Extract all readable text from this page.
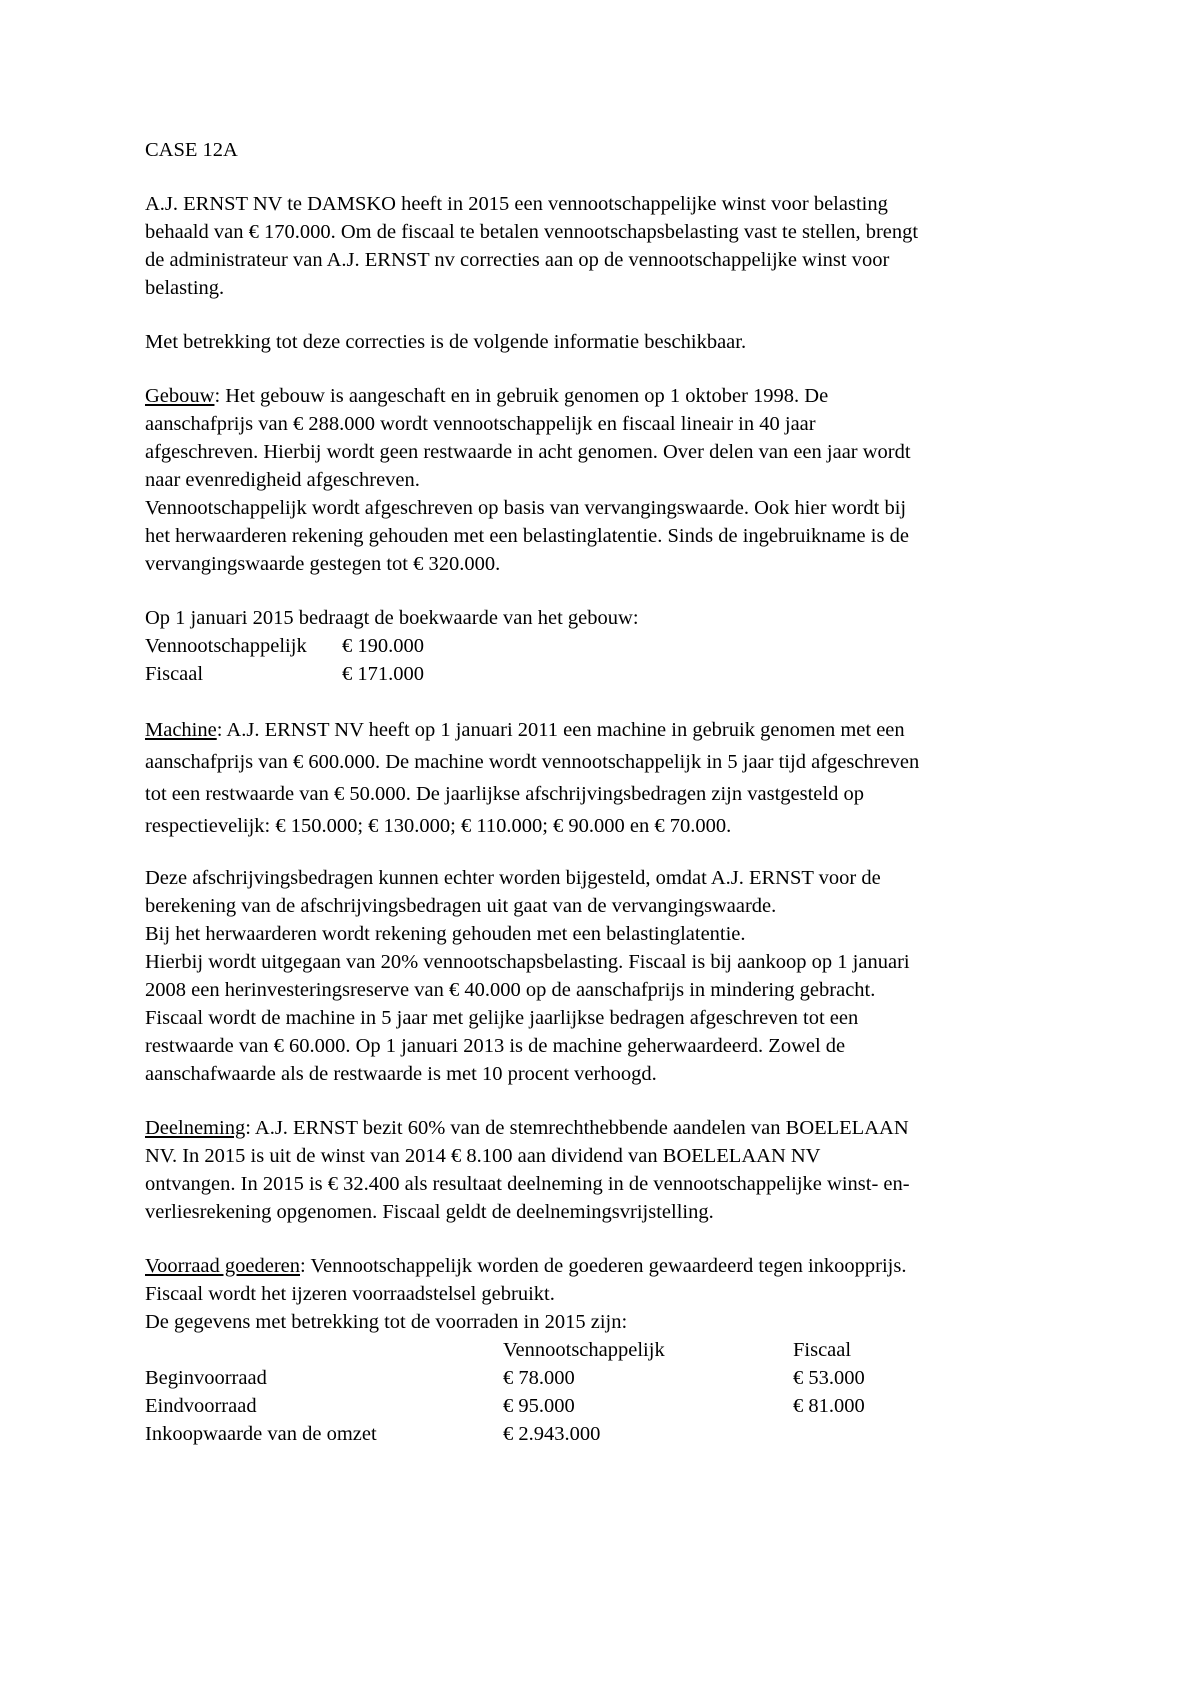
CASE 12A

A.J. ERNST NV te DAMSKO heeft in 2015 een vennootschappelijke winst voor belasting
behaald van € 170.000. Om de fiscaal te betalen vennootschapsbelasting vast te stellen, brengt
de administrateur van A.J. ERNST nv correcties aan op de vennootschappelijke winst voor
belasting.

Met betrekking tot deze correcties is de volgende informatie beschikbaar.

Gebouw: Het gebouw is aangeschaft en in gebruik genomen op 1 oktober 1998. De
aanschafprijs van € 288.000 wordt vennootschappelijk en fiscaal lineair in 40 jaar
afgeschreven. Hierbij wordt geen restwaarde in acht genomen. Over delen van een jaar wordt
naar evenredigheid afgeschreven.
Vennootschappelijk wordt afgeschreven op basis van vervangingswaarde. Ook hier wordt bij
het herwaarderen rekening gehouden met een belastinglatentie. Sinds de ingebruikname is de
vervangingswaarde gestegen tot € 320.000.

Op 1 januari 2015 bedraagt de boekwaarde van het gebouw:
Vennootschappelijk	€ 190.000
Fiscaal	€ 171.000

Machine: A.J. ERNST NV heeft op 1 januari 2011 een machine in gebruik genomen met een
aanschafprijs van € 600.000. De machine wordt vennootschappelijk in 5 jaar tijd afgeschreven
tot een restwaarde van € 50.000. De jaarlijkse afschrijvingsbedragen zijn vastgesteld op
respectievelijk: € 150.000; € 130.000; € 110.000; € 90.000 en € 70.000.

Deze afschrijvingsbedragen kunnen echter worden bijgesteld, omdat A.J. ERNST voor de
berekening van de afschrijvingsbedragen uit gaat van de vervangingswaarde.
Bij het herwaarderen wordt rekening gehouden met een belastinglatentie.
Hierbij wordt uitgegaan van 20% vennootschapsbelasting. Fiscaal is bij aankoop op 1 januari
2008 een herinvesteringsreserve van € 40.000 op de aanschafprijs in mindering gebracht.
Fiscaal wordt de machine in 5 jaar met gelijke jaarlijkse bedragen afgeschreven tot een
restwaarde van € 60.000. Op 1 januari 2013 is de machine geherwaardeerd. Zowel de
aanschafwaarde als de restwaarde is met 10 procent verhoogd.

Deelneming: A.J. ERNST bezit 60% van de stemrechthebbende aandelen van BOELELAAN
NV. In 2015 is uit de winst van 2014 € 8.100 aan dividend van BOELELAAN NV
ontvangen. In 2015 is € 32.400 als resultaat deelneming in de vennootschappelijke winst- en-
verliesrekening opgenomen. Fiscaal geldt de deelnemingsvrijstelling.

Voorraad goederen: Vennootschappelijk worden de goederen gewaardeerd tegen inkoopprijs.
Fiscaal wordt het ijzeren voorraadstelsel gebruikt.
De gegevens met betrekking tot de voorraden in 2015 zijn:
	Vennootschappelijk	Fiscaal
Beginvoorraad	€ 78.000	€ 53.000
Eindvoorraad	€ 95.000	€ 81.000
Inkoopwaarde van de omzet	€ 2.943.000	
